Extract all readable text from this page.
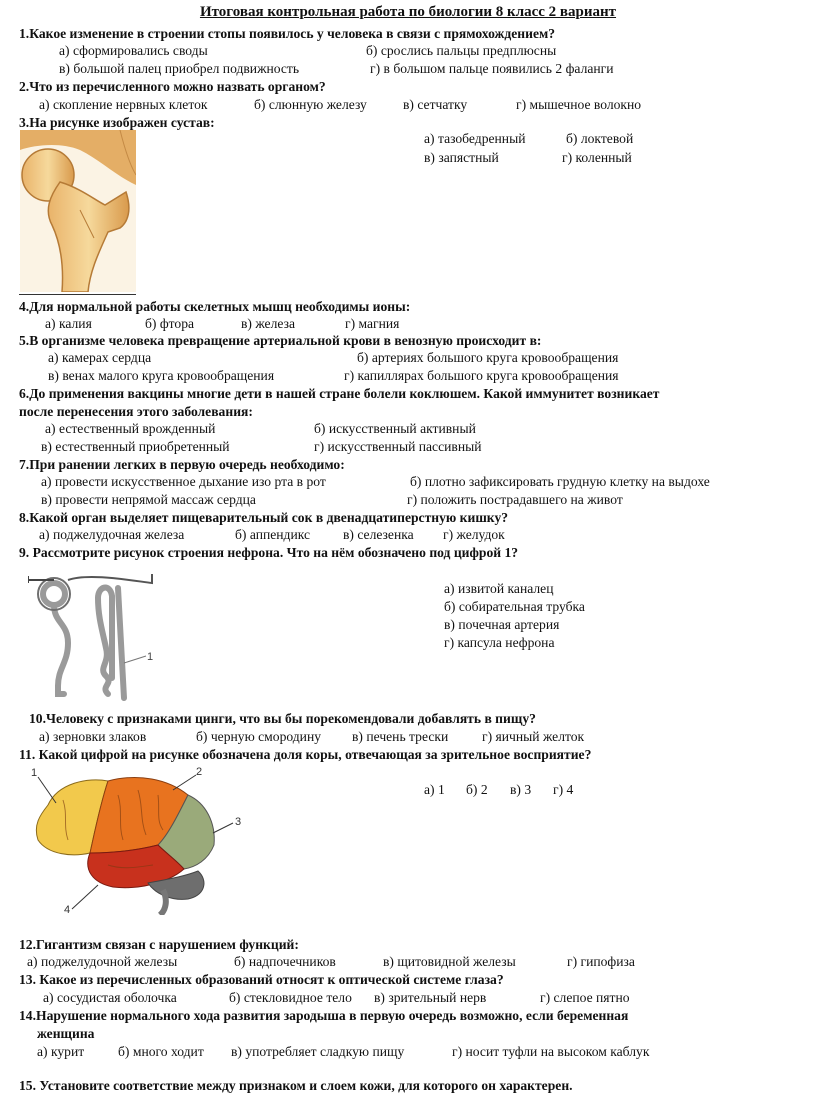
Итоговая контрольная работа по биологии 8 класс 2 вариант
1.Какое изменение в строении стопы появилось у человека в связи с прямохождением?
а) сформировались своды	б) срослись пальцы предплюсны
в) большой палец приобрел подвижность	г) в большом пальце появились 2 фаланги
2.Что из перечисленного можно назвать органом?
а) скопление нервных клеток	б) слюнную железу	в) сетчатку	г) мышечное волокно
3.На рисунке изображен сустав:
а) тазобедренный	б) локтевой
в) запястный	г) коленный
4.Для нормальной работы скелетных мышц необходимы ионы:
а) калия	б) фтора	в) железа	г) магния
5.В организме человека превращение артериальной крови в венозную происходит в:
а) камерах сердца	б) артериях большого круга кровообращения
в) венах малого круга кровообращения	г) капиллярах большого круга кровообращения
6.До применения вакцины многие дети в нашей стране болели коклюшем. Какой иммунитет возникает
после перенесения этого заболевания:
а) естественный врожденный	б) искусственный активный
в) естественный приобретенный	г) искусственный пассивный
7.При ранении легких в первую очередь необходимо:
а) провести искусственное дыхание изо рта в рот	б) плотно зафиксировать грудную клетку на выдохе
в) провести непрямой массаж сердца	г) положить пострадавшего на живот
8.Какой орган выделяет пищеварительный сок в двенадцатиперстную кишку?
а) поджелудочная железа	б) аппендикс в) селезенка г) желудок
9. Рассмотрите рисунок строения нефрона. Что на нём обозначено под цифрой 1?
1
а) извитой каналец
б) собирательная трубка
в) почечная артерия
г) капсула нефрона
10.Человеку с признаками цинги, что вы бы порекомендовали добавлять в пищу?
а) зерновки злаков	б) черную смородину в) печень трески г) яичный желток
11. Какой цифрой на рисунке обозначена доля коры, отвечающая за зрительное восприятие?
1	2
3
4
а) 1 б) 2 в) 3 г) 4
12.Гигантизм связан с нарушением функций:
а) поджелудочной железы	б) надпочечников	в) щитовидной железы	г) гипофиза
13. Какое из перечисленных образований относят к оптической системе глаза?
а) сосудистая оболочка	б) стекловидное тело в) зрительный нерв	г) слепое пятно
14.Нарушение нормального хода развития зародыша в первую очередь возможно, если беременная
женщина
а) курит б) много ходит в) употребляет сладкую пищу	г) носит туфли на высоком каблук
15. Установите соответствие между признаком и слоем кожи, для которого он характерен.
